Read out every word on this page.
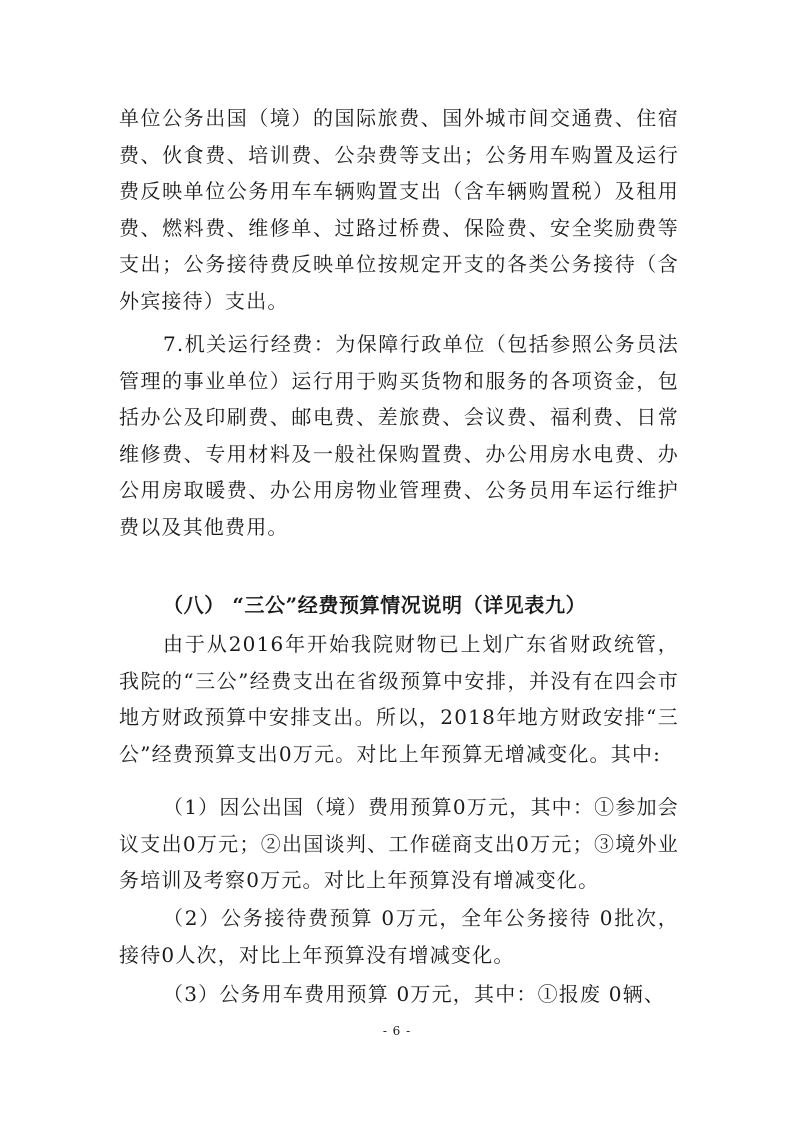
单位公务出国（境）的国际旅费、国外城市间交通费、住宿费、伙食费、培训费、公杂费等支出；公务用车购置及运行费反映单位公务用车车辆购置支出（含车辆购置税）及租用费、燃料费、维修单、过路过桥费、保险费、安全奖励费等支出；公务接待费反映单位按规定开支的各类公务接待（含外宾接待）支出。

7.机关运行经费：为保障行政单位（包括参照公务员法管理的事业单位）运行用于购买货物和服务的各项资金，包括办公及印刷费、邮电费、差旅费、会议费、福利费、日常维修费、专用材料及一般社保购置费、办公用房水电费、办公用房取暖费、办公用房物业管理费、公务员用车运行维护费以及其他费用。

（八） “三公”经费预算情况说明（详见表九）

由于从2016年开始我院财物已上划广东省财政统管，我院的“三公”经费支出在省级预算中安排，并没有在四会市地方财政预算中安排支出。所以，2018年地方财政安排“三公”经费预算支出0万元。对比上年预算无增减变化。其中:

（1）因公出国（境）费用预算0万元，其中：①参加会议支出0万元；②出国谈判、工作磋商支出0万元；③境外业务培训及考察0万元。对比上年预算没有增减变化。

（2）公务接待费预算 0万元，全年公务接待 0批次，接待0人次，对比上年预算没有增减变化。

（3）公务用车费用预算 0万元，其中：①报废 0辆、

- 6 -
